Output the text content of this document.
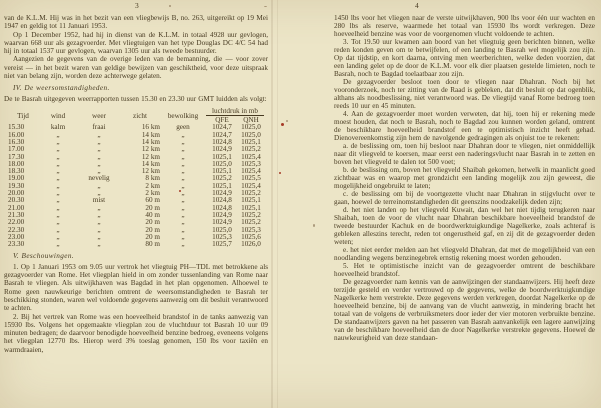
3	4

van de K.L.M. Hij was in het bezit van een vliegbewijs B, no. 263, uitgereikt op 19 Mei 1947 en geldig tot 11 Januari 1953.

Op 1 December 1952, had hij in dienst van de K.L.M. in totaal 4928 uur gevlogen, waarvan 668 uur als gezagvoerder. Met vliegtuigen van het type Douglas DC 4/C 54 had hij in totaal 1537 uur gevlogen, waarvan 1305 uur als tweede bestuurder.

Aangezien de gegevens van de overige leden van de bemanning, die — voor zover vereist — in het bezit waren van geldige bewijzen van geschiktheid, voor deze uitspraak niet van belang zijn, worden deze achterwege gelaten.

IV. De weersomstandigheden.

De te Basrah uitgegeven weerrapporten tussen 15.30 en 23.30 uur GMT luidden als volgt:

Tijd	wind	weer	zicht	bewolking	luchtdruk in mb	
					QFE	QNH
15.30	kalm	fraai	16 km	geen	1024,7	1025,0
16.00	„	„	14 km	„	1024,7	1025,0
16.30	„	„	14 km	„	1024,8	1025,1
17.00	„	„	12 km	„	1024,9	1025,2
17.30	„	„	12 km	„	1025,1	1025,4
18.00	„	„	14 km	„	1025,0	1025,3
18.30	„	„	12 km	„	1025,1	1025,4
19.00	„	nevelig	8 km	„	1025,2	1025,5
19.30	„	„	2 km	„	1025,1	1025,4
20.00	„	„	2 km	„	1024,9	1025,2
20.30	„	mist	60 m	„	1024,8	1025,1
21.00	„	„	20 m	„	1024,8	1025,1
21.30	„	„	40 m	„	1024,9	1025,2
22.00	„	„	20 m	„	1024,9	1025,2
22.30	„	„	20 m	„	1025,0	1025,3
23.00	„	„	20 m	„	1025,3	1025,6
23.30	„	„	80 m	„	1025,7	1026,0

V. Beschouwingen.

1. Op 1 Januari 1953 om 9.05 uur vertrok het vliegtuig PH—TDL met betrokkene als gezagvoerder van Rome. Het vliegplan hield in om zonder tussenlanding van Rome naar Basrah te vliegen. Als uitwijkhaven was Bagdad in het plan opgenomen. Alhoewel te Rome geen nauwkeurige berichten omtrent de weersomstandigheden te Basrah ter beschikking stonden, waren wel voldoende gegevens aanwezig om dit besluit verantwoord te achten.

2. Bij het vertrek van Rome was een hoeveelheid brandstof in de tanks aanwezig van 15930 lbs. Volgens het opgemaakte vliegplan zou de vluchtduur tot Basrah 10 uur 09 minuten bedragen; de daarvoor benodigde hoeveelheid benzine bedroeg, eveneens volgens het vliegplan 12770 lbs. Hierop werd 3% toeslag genomen, 150 lbs voor taxiën en warmdraaien,

1450 lbs voor het vliegen naar de verste uitwijkhaven, 900 lbs voor één uur wachten en 280 lbs als reserve, waarmede het totaal van 15930 lbs wordt verkregen. Deze hoeveelheid benzine was voor de voorgenomen vlucht voldoende te achten.

3. Tot 19.50 uur kwamen aan boord van het vliegtuig geen berichten binnen, welke reden konden geven om te betwijfelen, of een landing te Basrah wel mogelijk zou zijn. Op dat tijdstip, en kort daarna, ontving men weerberichten, welke deden voorzien, dat een landing gelet op de door de K.L.M. voor elk dier plaatsen gestelde limieten, noch te Basrah, noch te Bagdad toelaatbaar zou zijn.

De gezagvoerder besloot toen door te vliegen naar Dhahran. Noch bij het vooronderzoek, noch ter zitting van de Raad is gebleken, dat dit besluit op dat ogenblik, althans als noodbeslissing, niet verantwoord was. De vliegtijd vanaf Rome bedroeg toen reeds 10 uur en 45 minuten.

4. Aan de gezagvoerder moet worden verweten, dat hij, toen hij er rekening mede moest houden, dat noch te Basrah, noch te Bagdad zou kunnen worden geland, omtrent de beschikbare hoeveelheid brandstof een te optimistisch inzicht heeft gehad. Dienovereenkomstig zijn hem de navolgende gedragingen als onjuist toe te rekenen:

a. de beslissing om, toen hij besloot naar Dhahran door te vliegen, niet onmiddellijk naar dit vliegveld te koersen, maar eerst een naderingsvlucht naar Basrah in te zetten en boven het vliegveld te dalen tot 500 voet;

b. de beslissing om, boven het vliegveld Shaibah gekomen, hetwelk in maanlicht goed zichtbaar was en waarop met grondzicht een landing mogelijk zou zijn geweest, die mogelijkheid ongebruikt te laten;

c. de beslissing om bij de voortgezette vlucht naar Dhahran in stijgvlucht over te gaan, hoewel de terreinomstandigheden dit geenszins noodzakelijk deden zijn;

d. het niet landen op het vliegveld Kuwait, dan wel het niet tijdig terugkeren naar Shaibah, toen de voor de vlucht naar Dhahran beschikbare hoeveelheid brandstof de tweede bestuurder Kachuk en de boordwerktuigkundige Nagelkerke, zoals achteraf is gebleken alleszins terecht, reden tot ongerustheid gaf, en zij dit de gezagvoerder deden weten;

e. het niet eerder melden aan het vliegveld Dhahran, dat met de mogelijkheid van een noodlanding wegens benzinegebrek ernstig rekening moest worden gehouden.

5. Het te optimistische inzicht van de gezagvoerder omtrent de beschikbare hoeveelheid brandstof.

De gezagvoerder nam kennis van de aanwijzingen der standaanwijzers. Hij heeft deze terzijde gesteld en verder vertrouwd op de gegevens, welke de boordwerktuigkundige Nagelkerke hem verstrekte. Deze gegevens werden verkregen, doordat Nagelkerke op de hoeveelheid benzine, bij de aanvang van de vlucht aanwezig, in mindering bracht het totaal van de volgens de verbruiksmeters door ieder der vier motoren verbruikte benzine. De standaanwijzers gaven na het passeren van Basrah aanvankelijk een lagere aanwijzing van de beschikbare hoeveelheid dan de door Nagelkerke verstrekte gegevens. Hoewel de nauwkeurigheid van deze standaan-
